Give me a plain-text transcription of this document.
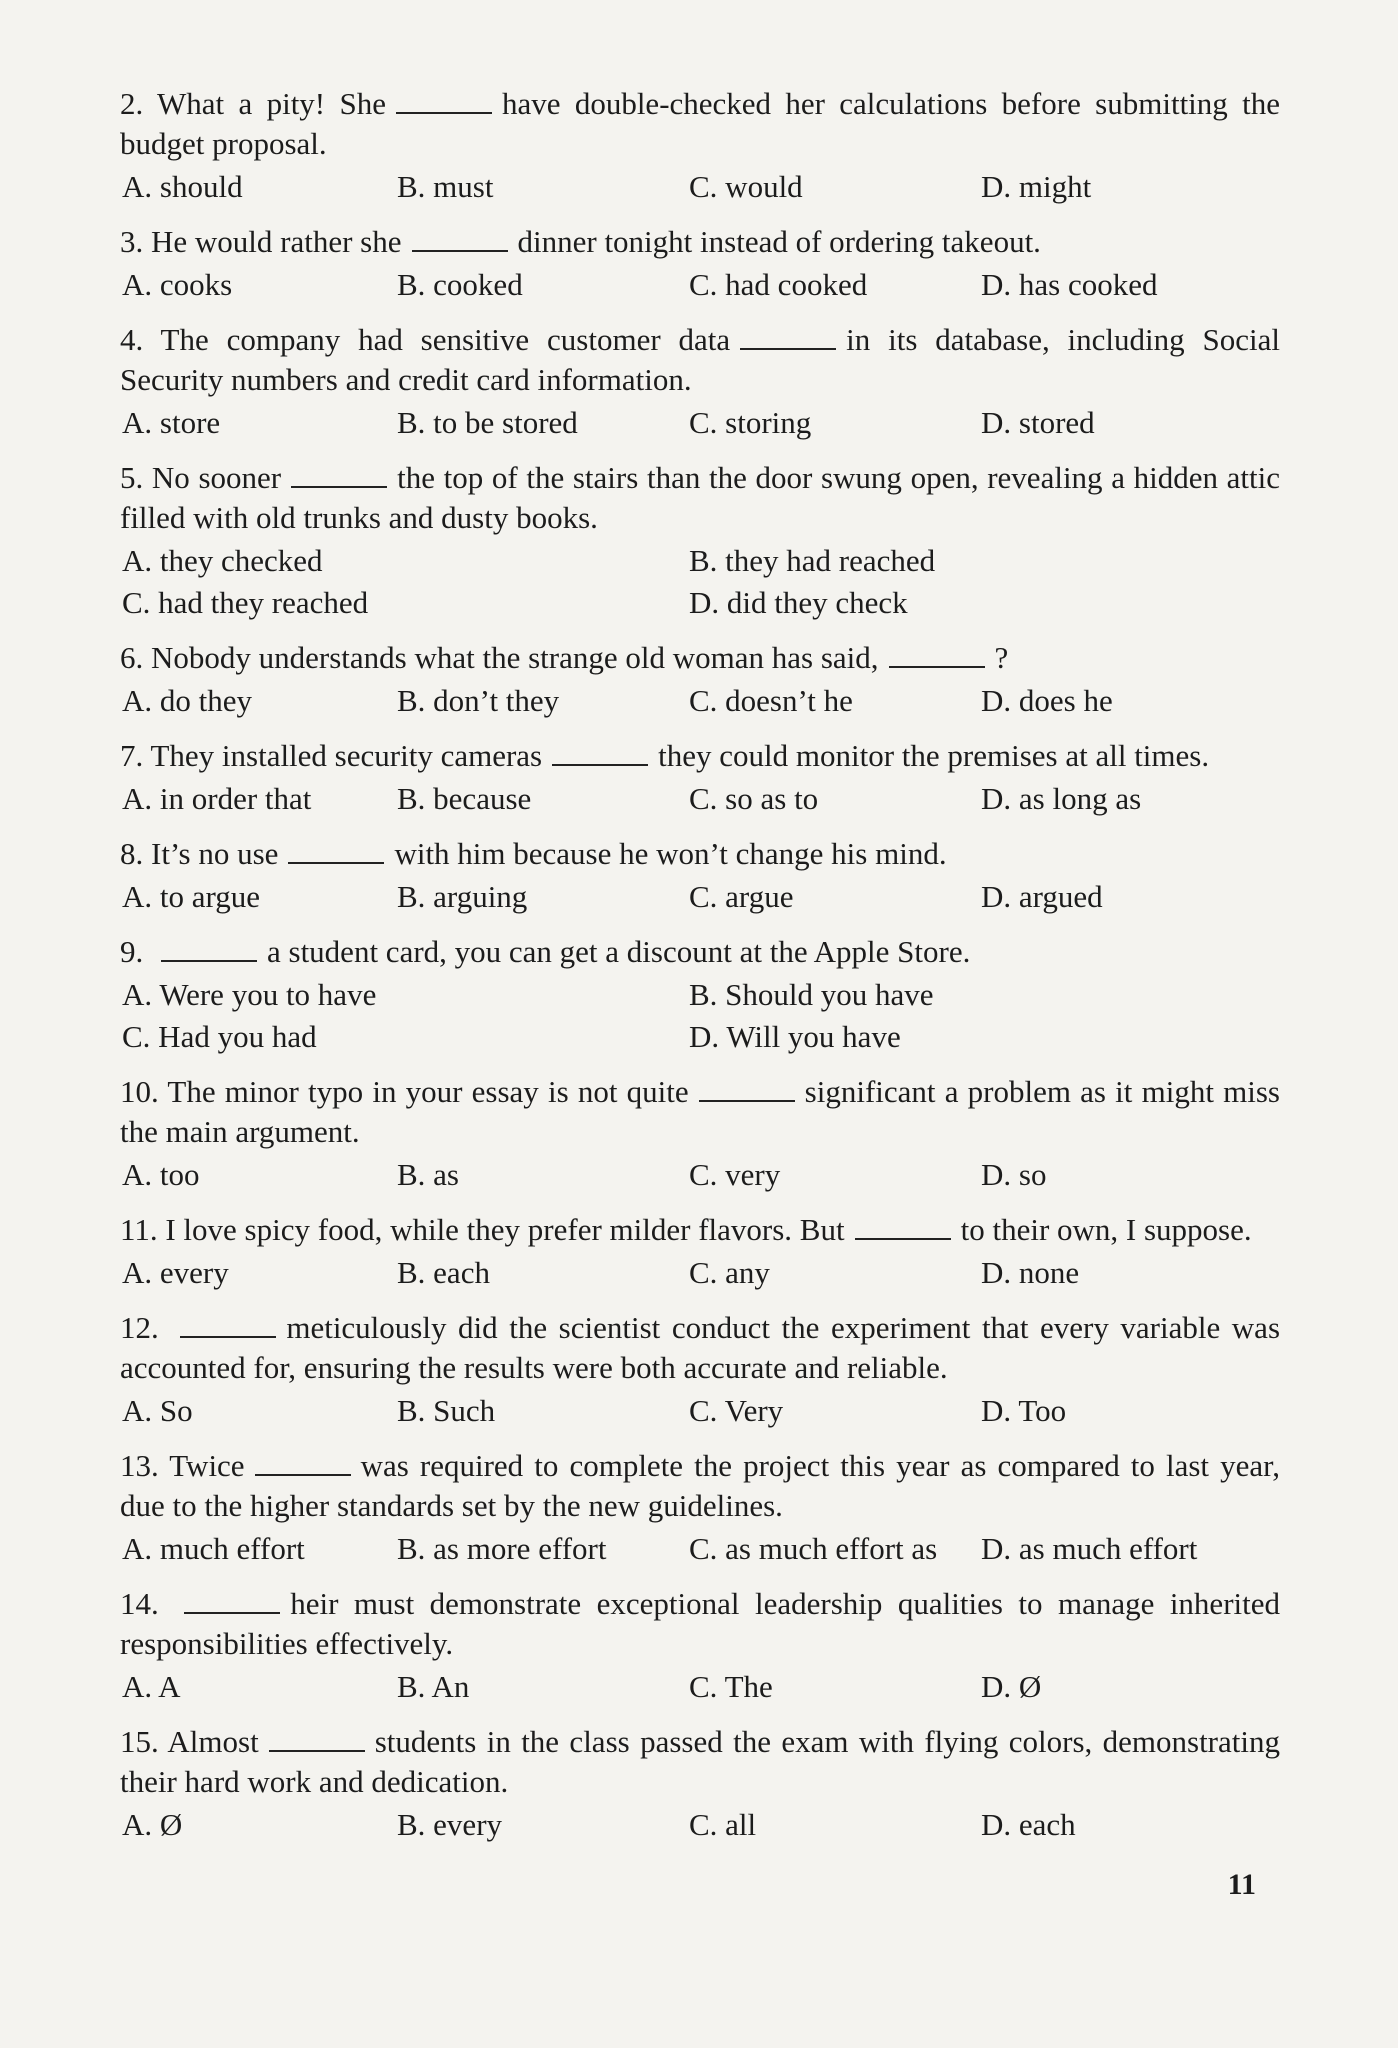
2. What a pity! She	have double-checked her calculations before submitting the budget proposal.
A. should	B. must	C. would	D. might
3. He would rather she	dinner tonight instead of ordering takeout.
A. cooks	B. cooked	C. had cooked	D. has cooked
4. The company had sensitive customer data	in its database, including Social Security numbers and credit card information.
A. store	B. to be stored	C. storing	D. stored
5. No sooner	the top of the stairs than the door swung open, revealing a hidden attic filled with old trunks and dusty books.
A. they checked	B. they had reached
C. had they reached	D. did they check
6. Nobody understands what the strange old woman has said,	?
A. do they	B. don’t they	C. doesn’t he	D. does he
7. They installed security cameras	they could monitor the premises at all times.
A. in order that	B. because	C. so as to	D. as long as
8. It’s no use	with him because he won’t change his mind.
A. to argue	B. arguing	C. argue	D. argued
9.	a student card, you can get a discount at the Apple Store.
A. Were you to have	B. Should you have
C. Had you had	D. Will you have
10. The minor typo in your essay is not quite	significant a problem as it might miss the main argument.
A. too	B. as	C. very	D. so
11. I love spicy food, while they prefer milder flavors. But	to their own, I suppose.
A. every	B. each	C. any	D. none
12.	meticulously did the scientist conduct the experiment that every variable was accounted for, ensuring the results were both accurate and reliable.
A. So	B. Such	C. Very	D. Too
13. Twice	was required to complete the project this year as compared to last year, due to the higher standards set by the new guidelines.
A. much effort	B. as more effort	C. as much effort as	D. as much effort
14.	heir must demonstrate exceptional leadership qualities to manage inherited responsibilities effectively.
A. A	B. An	C. The	D. Ø
15. Almost	students in the class passed the exam with flying colors, demonstrating their hard work and dedication.
A. Ø	B. every	C. all	D. each
11
